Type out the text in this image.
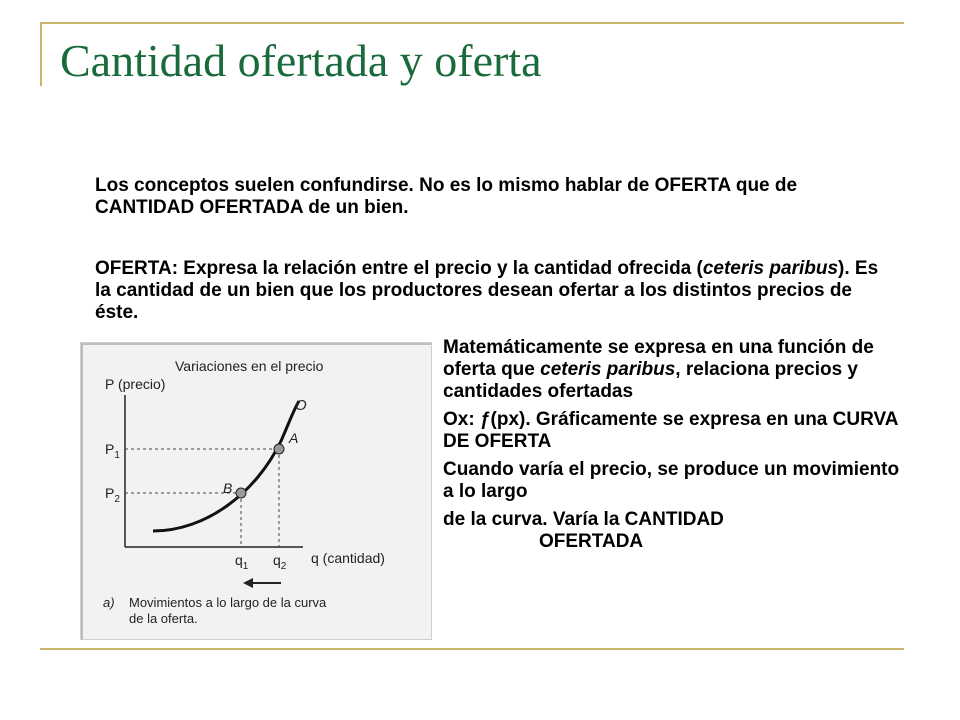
Cantidad ofertada y oferta

Los conceptos suelen confundirse. No es lo mismo hablar de OFERTA que de CANTIDAD OFERTADA de un bien.

OFERTA: Expresa la relación entre el precio y la cantidad ofrecida (ceteris paribus). Es la cantidad de un bien que los productores desean ofertar a los distintos precios de éste.

Variaciones en el precio
P (precio)
q (cantidad)
O
A
B
$P_1$
$P_2$
$q_1$ $q_2$
a) Movimientos a lo largo de la curva
de la oferta.

Matemáticamente se expresa en una función de oferta que ceteris paribus, relaciona precios y cantidades ofertadas

Ox: ƒ(px). Gráficamente se expresa en una CURVA DE OFERTA

Cuando varía el precio, se produce un movimiento a lo largo

de la curva. Varía la CANTIDAD
OFERTADA
